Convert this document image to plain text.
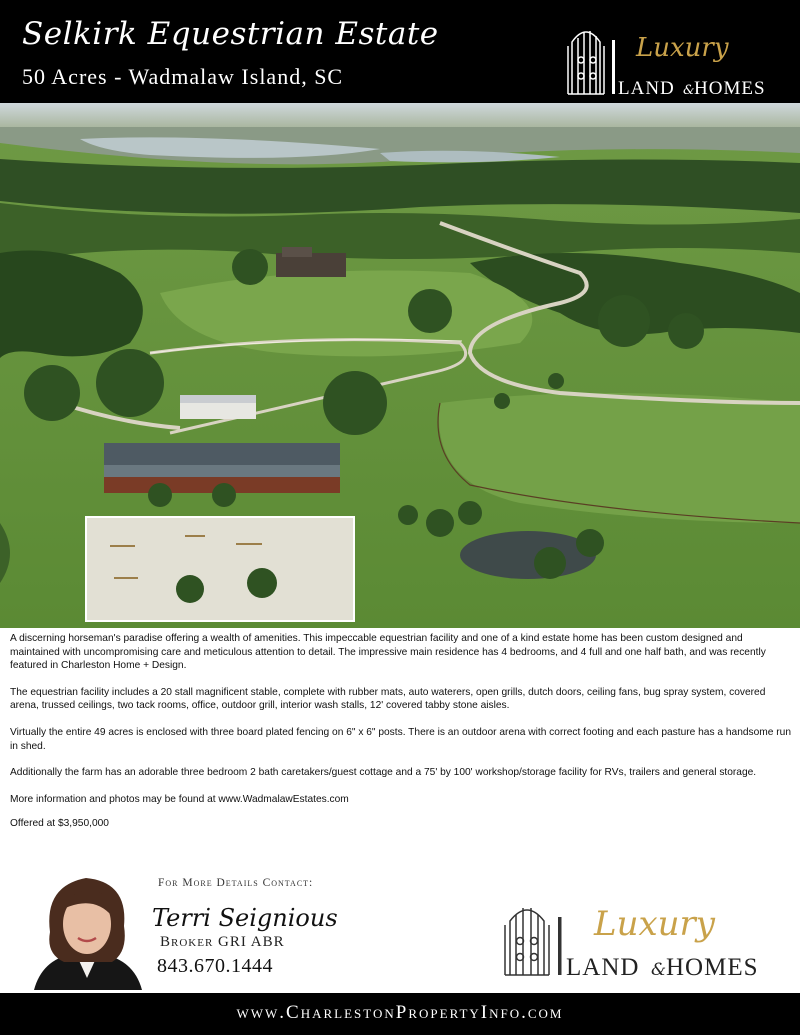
Selkirk Equestrian Estate
50 Acres - Wadmalaw Island, SC
Luxury
LAND & HOMES

A discerning horseman's paradise offering a wealth of amenities. This impeccable equestrian facility and one of a kind estate home has been custom designed and maintained with uncompromising care and meticulous attention to detail. The impressive main residence has 4 bedrooms, and 4 full and one half bath, and was recently featured in Charleston Home + Design.

The equestrian facility includes a 20 stall magnificent stable, complete with rubber mats, auto waterers, open grills, dutch doors, ceiling fans, bug spray system, covered arena, trussed ceilings, two tack rooms, office, outdoor grill, interior wash stalls, 12' covered tabby stone aisles.

Virtually the entire 49 acres is enclosed with three board plated fencing on 6" x 6" posts. There is an outdoor arena with correct footing and each pasture has a handsome run in shed.

Additionally the farm has an adorable three bedroom 2 bath caretakers/guest cottage and a 75' by 100' workshop/storage facility for RVs, trailers and general storage.

More information and photos may be found at www.WadmalawEstates.com

Offered at $3,950,000

For More Details Contact:
Terri Seignious
Broker GRI ABR
843.670.1444
Luxury
LAND & HOMES
www.CharlestonPropertyInfo.com
